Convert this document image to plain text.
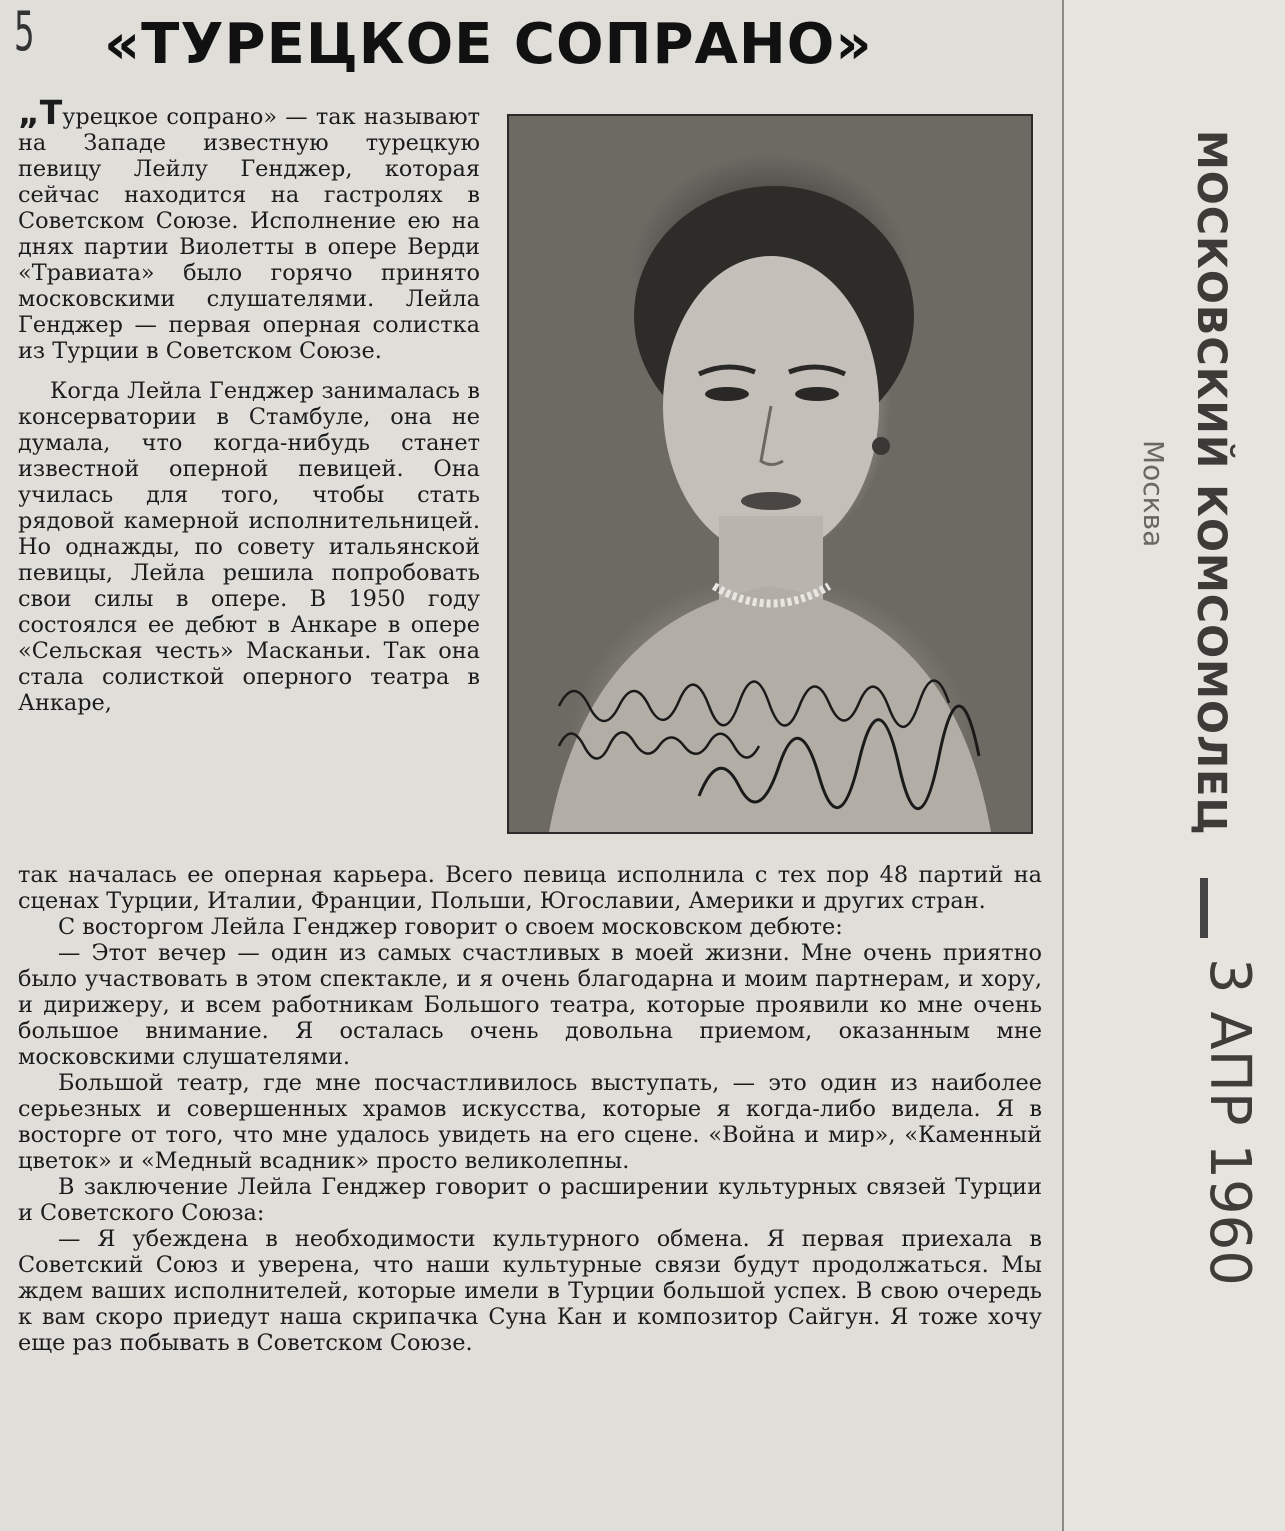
5 «ТУРЕЦКОЕ СОПРАНО»

„Турецкое сопрано» — так называют на Западе известную турецкую певицу Лейлу Генджер, которая сейчас находится на гастролях в Советском Союзе. Исполнение ею на днях партии Виолетты в опере Верди «Травиата» было горячо принято московскими слушателями. Лейла Генджер — первая оперная солистка из Турции в Советском Союзе.

Когда Лейла Генджер занималась в консерватории в Стамбуле, она не думала, что когда-нибудь станет известной оперной певицей. Она училась для того, чтобы стать рядовой камерной исполнительницей. Но однажды, по совету итальянской певицы, Лейла решила попробовать свои силы в опере. В 1950 году состоялся ее дебют в Анкаре в опере «Сельская честь» Масканьи. Так она стала солисткой оперного театра в Анкаре,

так началась ее оперная карьера. Всего певица исполнила с тех пор 48 партий на сценах Турции, Италии, Франции, Польши, Югославии, Америки и других стран.

С восторгом Лейла Генджер говорит о своем московском дебюте:

— Этот вечер — один из самых счастливых в моей жизни. Мне очень приятно было участвовать в этом спектакле, и я очень благодарна и моим партнерам, и хору, и дирижеру, и всем работникам Большого театра, которые проявили ко мне очень большое внимание. Я осталась очень довольна приемом, оказанным мне московскими слушателями.

Большой театр, где мне посчастливилось выступать, — это один из наиболее серьезных и совершенных храмов искусства, которые я когда-либо видела. Я в восторге от того, что мне удалось увидеть на его сцене. «Война и мир», «Каменный цветок» и «Медный всадник» просто великолепны.

В заключение Лейла Генджер говорит о расширении культурных связей Турции и Советского Союза:

— Я убеждена в необходимости культурного обмена. Я первая приехала в Советский Союз и уверена, что наши культурные связи будут продолжаться. Мы ждем ваших исполнителей, которые имели в Турции большой успех. В свою очередь к вам скоро приедут наша скрипачка Суна Кан и композитор Сайгун. Я тоже хочу еще раз побывать в Советском Союзе.

МОСКОВСКИЙ КОМСОМОЛЕЦ
Москва
3 АПР 1960
